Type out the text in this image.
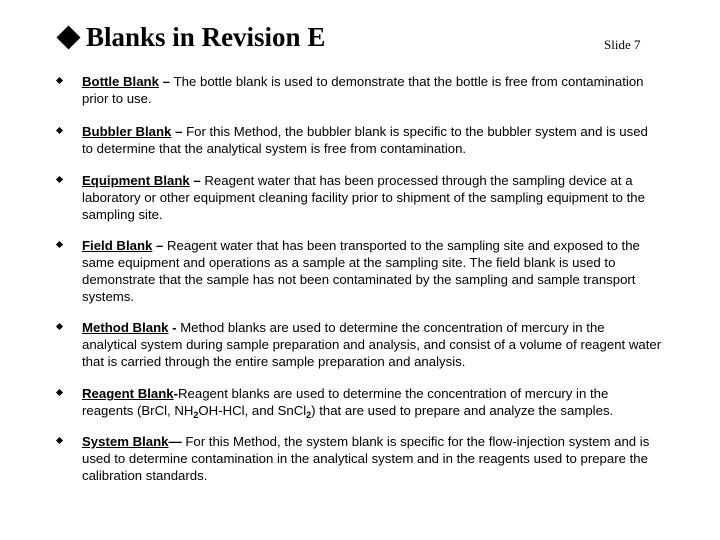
Blanks in Revision E	Slide 7
Bottle Blank – The bottle blank is used to demonstrate that the bottle is free from contamination prior to use.
Bubbler Blank – For this Method, the bubbler blank is specific to the bubbler system and is used to determine that the analytical system is free from contamination.
Equipment Blank – Reagent water that has been processed through the sampling device at a laboratory or other equipment cleaning facility prior to shipment of the sampling equipment to the sampling site.
Field Blank – Reagent water that has been transported to the sampling site and exposed to the same equipment and operations as a sample at the sampling site. The field blank is used to demonstrate that the sample has not been contaminated by the sampling and sample transport systems.
Method Blank - Method blanks are used to determine the concentration of mercury in the analytical system during sample preparation and analysis, and consist of a volume of reagent water that is carried through the entire sample preparation and analysis.
Reagent Blank-Reagent blanks are used to determine the concentration of mercury in the reagents (BrCl, $NH_2OH$-HCl, and SnCl$_2$) that are used to prepare and analyze the samples.
System Blank— For this Method, the system blank is specific for the flow-injection system and is used to determine contamination in the analytical system and in the reagents used to prepare the calibration standards.
